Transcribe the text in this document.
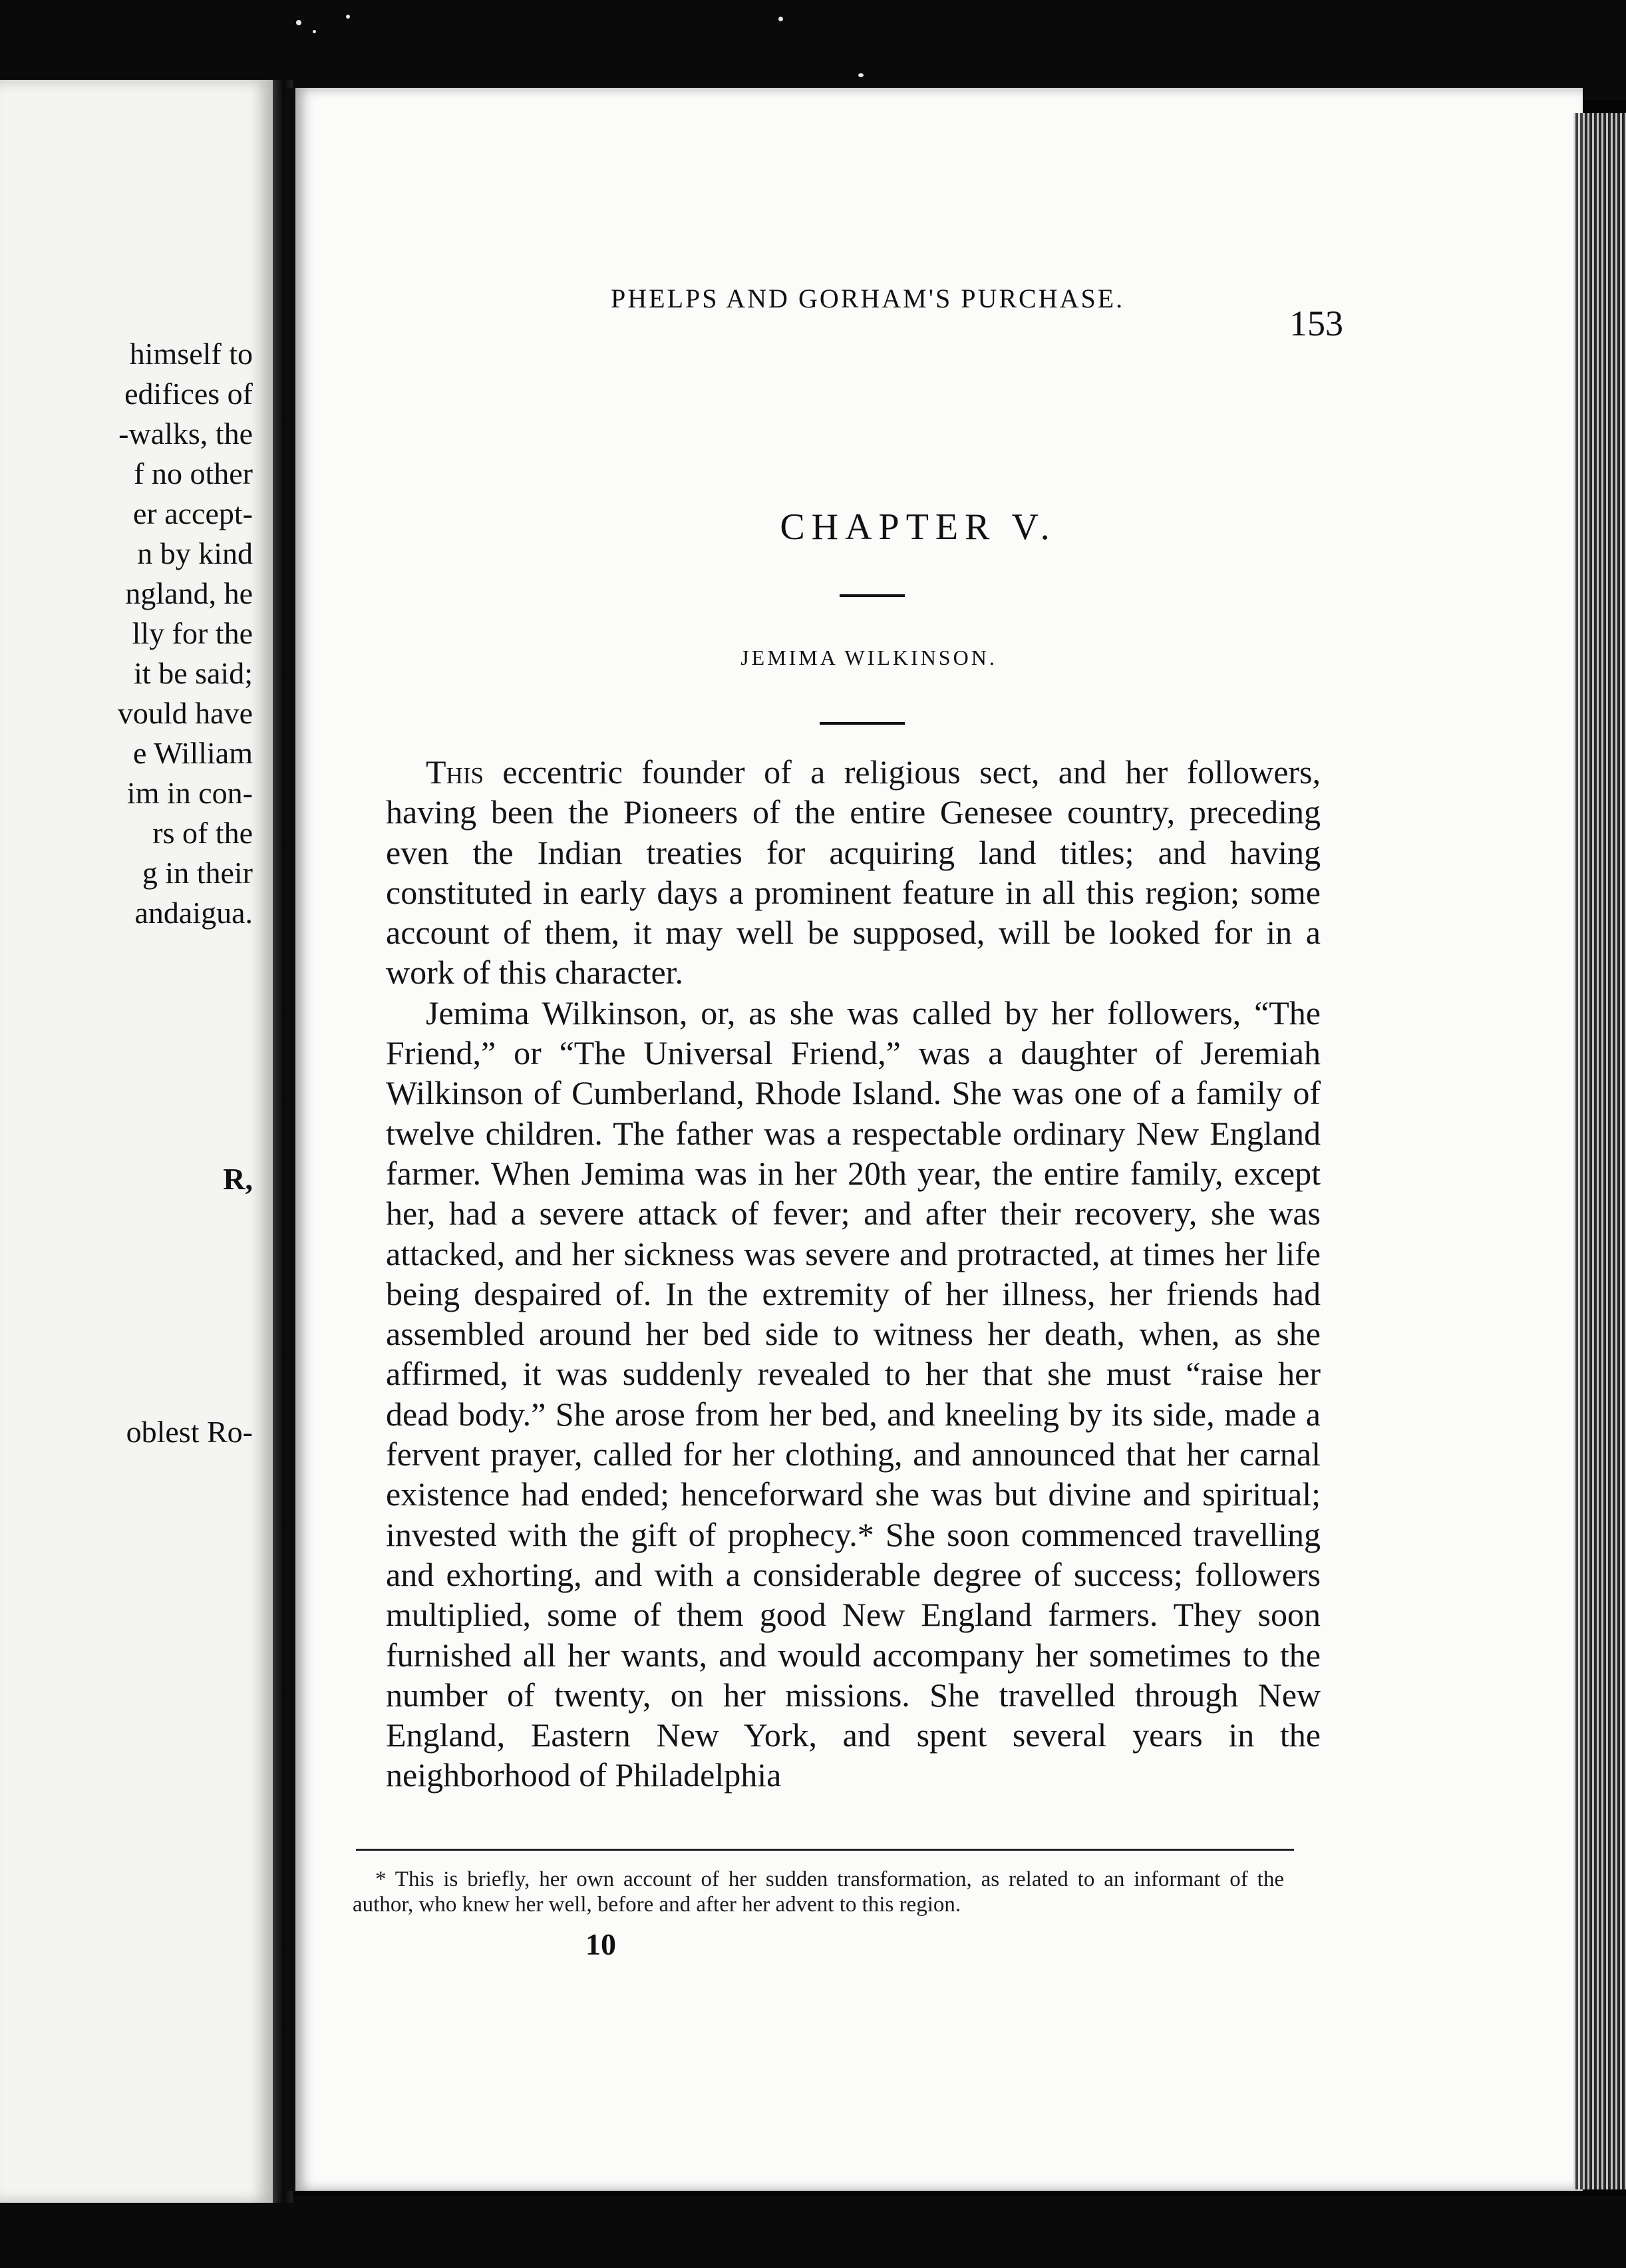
himself to
edifices of
-walks, the
f no other
er accept-
n by kind
ngland, he
lly for the
it be said;
vould have
e William
im in con-
rs of the
g in their
andaigua.
R,
oblest Ro-
PHELPS AND GORHAM'S PURCHASE.
153
CHAPTER V.
JEMIMA WILKINSON.

This eccentric founder of a religious sect, and her followers, having been the Pioneers of the entire Genesee country, preceding even the Indian treaties for acquiring land titles; and having constituted in early days a prominent feature in all this region; some account of them, it may well be supposed, will be looked for in a work of this character.

Jemima Wilkinson, or, as she was called by her followers, “The Friend,” or “The Universal Friend,” was a daughter of Jeremiah Wilkinson of Cumberland, Rhode Island. She was one of a family of twelve children. The father was a respectable ordinary New England farmer. When Jemima was in her 20th year, the entire family, except her, had a severe attack of fever; and after their recovery, she was attacked, and her sickness was severe and protracted, at times her life being despaired of. In the extremity of her illness, her friends had assembled around her bed side to witness her death, when, as she affirmed, it was suddenly revealed to her that she must “raise her dead body.” She arose from her bed, and kneeling by its side, made a fervent prayer, called for her clothing, and announced that her carnal existence had ended; henceforward she was but divine and spiritual; invested with the gift of prophecy.* She soon commenced travelling and exhorting, and with a considerable degree of success; followers multiplied, some of them good New England farmers. They soon furnished all her wants, and would accompany her sometimes to the number of twenty, on her missions. She travelled through New England, Eastern New York, and spent several years in the neighborhood of Philadelphia

* This is briefly, her own account of her sudden transformation, as related to an informant of the author, who knew her well, before and after her advent to this region.
10
